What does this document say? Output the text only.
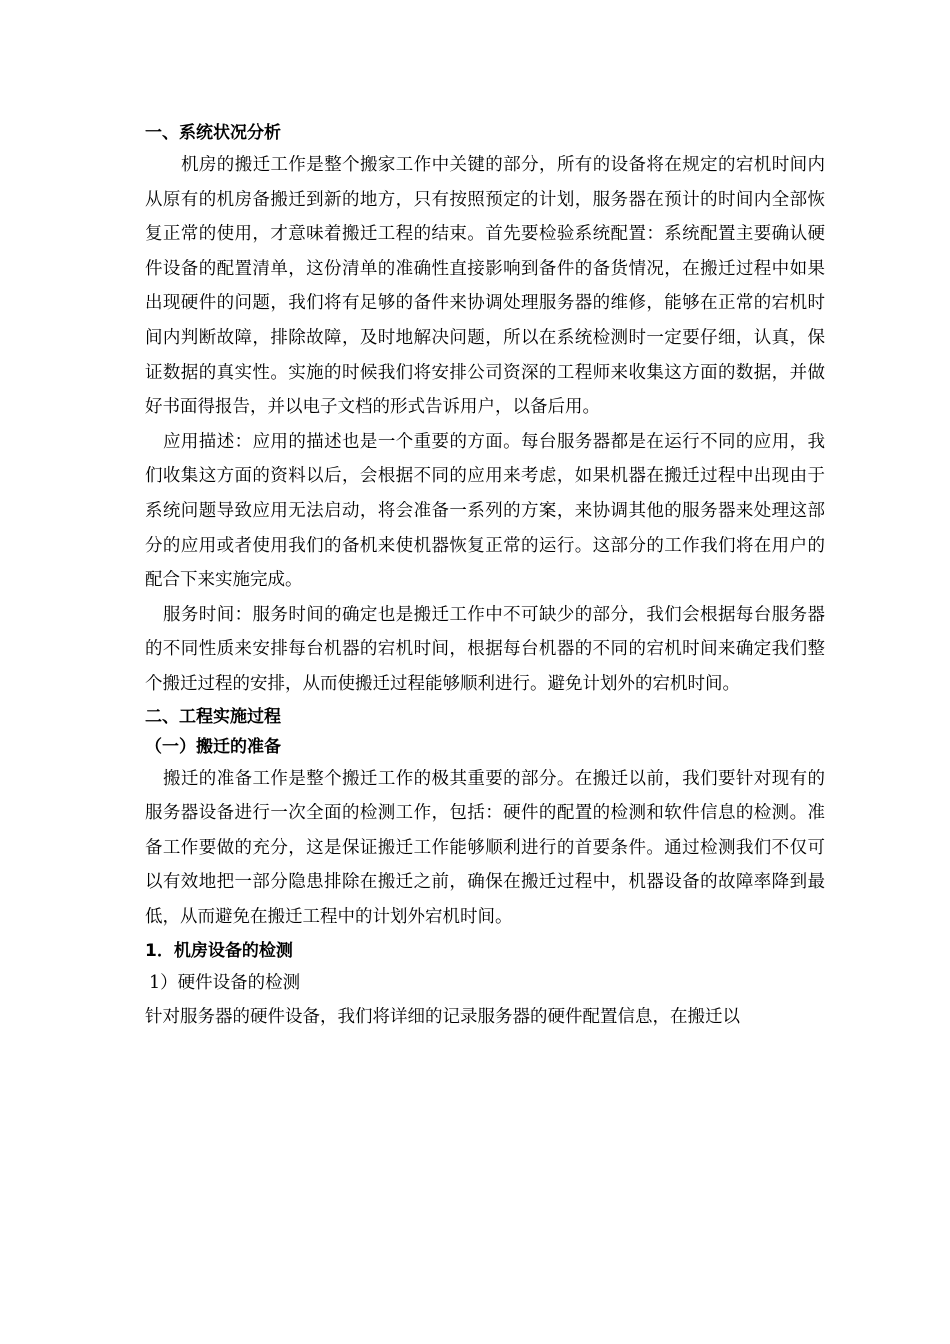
一、系统状况分析

机房的搬迁工作是整个搬家工作中关键的部分，所有的设备将在规定的宕机时间内从原有的机房备搬迁到新的地方，只有按照预定的计划，服务器在预计的时间内全部恢复正常的使用，才意味着搬迁工程的结束。首先要检验系统配置：系统配置主要确认硬件设备的配置清单，这份清单的准确性直接影响到备件的备货情况，在搬迁过程中如果出现硬件的问题，我们将有足够的备件来协调处理服务器的维修，能够在正常的宕机时间内判断故障，排除故障，及时地解决问题，所以在系统检测时一定要仔细，认真，保证数据的真实性。实施的时候我们将安排公司资深的工程师来收集这方面的数据，并做好书面得报告，并以电子文档的形式告诉用户，以备后用。

应用描述：应用的描述也是一个重要的方面。每台服务器都是在运行不同的应用，我们收集这方面的资料以后，会根据不同的应用来考虑，如果机器在搬迁过程中出现由于系统问题导致应用无法启动，将会准备一系列的方案，来协调其他的服务器来处理这部分的应用或者使用我们的备机来使机器恢复正常的运行。这部分的工作我们将在用户的配合下来实施完成。

服务时间：服务时间的确定也是搬迁工作中不可缺少的部分，我们会根据每台服务器的不同性质来安排每台机器的宕机时间，根据每台机器的不同的宕机时间来确定我们整个搬迁过程的安排，从而使搬迁过程能够顺利进行。避免计划外的宕机时间。

二、工程实施过程

（一）搬迁的准备

搬迁的准备工作是整个搬迁工作的极其重要的部分。在搬迁以前，我们要针对现有的服务器设备进行一次全面的检测工作，包括：硬件的配置的检测和软件信息的检测。准备工作要做的充分，这是保证搬迁工作能够顺利进行的首要条件。通过检测我们不仅可以有效地把一部分隐患排除在搬迁之前，确保在搬迁过程中，机器设备的故障率降到最低，从而避免在搬迁工程中的计划外宕机时间。

1．机房设备的检测

1）硬件设备的检测

针对服务器的硬件设备，我们将详细的记录服务器的硬件配置信息，在搬迁以
